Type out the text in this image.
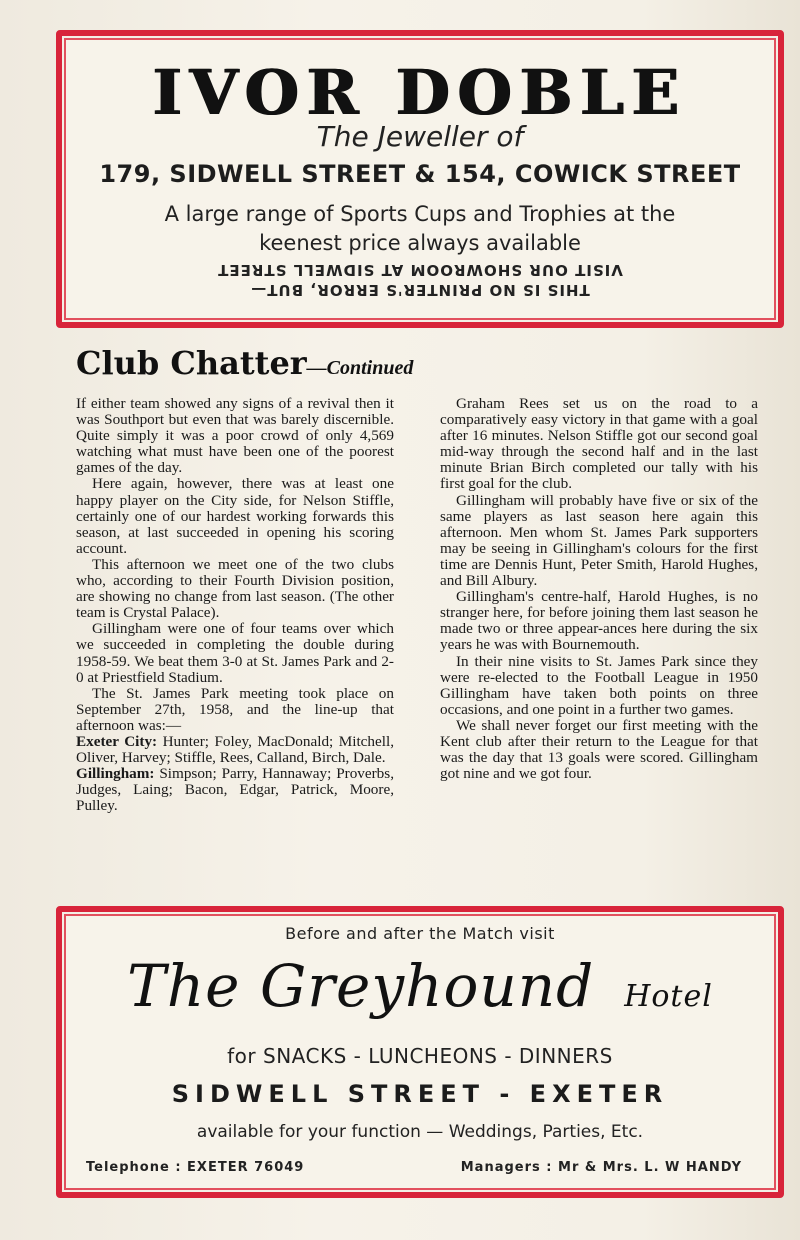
IVOR DOBLE
The Jeweller of
179, SIDWELL STREET & 154, COWICK STREET
A large range of Sports Cups and Trophies at the
keenest price always available
THIS IS NO PRINTER'S ERROR, BUT—
VISIT OUR SHOWROOM AT SIDWELL STREET
Club Chatter—Continued

If either team showed any signs of a revival then it was Southport but even that was barely discernible. Quite simply it was a poor crowd of only 4,569 watching what must have been one of the poorest games of the day.

Here again, however, there was at least one happy player on the City side, for Nelson Stiffle, certainly one of our hardest working forwards this season, at last succeeded in opening his scoring account.

This afternoon we meet one of the two clubs who, according to their Fourth Division position, are showing no change from last season. (The other team is Crystal Palace).

Gillingham were one of four teams over which we succeeded in completing the double during 1958-59. We beat them 3-0 at St. James Park and 2-0 at Priestfield Stadium.

The St. James Park meeting took place on September 27th, 1958, and the line-up that afternoon was:—

Exeter City: Hunter; Foley, MacDonald; Mitchell, Oliver, Harvey; Stiffle, Rees, Calland, Birch, Dale.

Gillingham: Simpson; Parry, Hannaway; Proverbs, Judges, Laing; Bacon, Edgar, Patrick, Moore, Pulley.

Graham Rees set us on the road to a comparatively easy victory in that game with a goal after 16 minutes. Nelson Stiffle got our second goal mid-way through the second half and in the last minute Brian Birch completed our tally with his first goal for the club.

Gillingham will probably have five or six of the same players as last season here again this afternoon. Men whom St. James Park supporters may be seeing in Gillingham's colours for the first time are Dennis Hunt, Peter Smith, Harold Hughes, and Bill Albury.

Gillingham's centre-half, Harold Hughes, is no stranger here, for before joining them last season he made two or three appear-ances here during the six years he was with Bournemouth.

In their nine visits to St. James Park since they were re-elected to the Football League in 1950 Gillingham have taken both points on three occasions, and one point in a further two games.

We shall never forget our first meeting with the Kent club after their return to the League for that was the day that 13 goals were scored. Gillingham got nine and we got four.

Before and after the Match visit
The Greyhound Hotel
for SNACKS - LUNCHEONS - DINNERS
SIDWELL STREET - EXETER
available for your function — Weddings, Parties, Etc.
Telephone : EXETER 76049	Managers : Mr & Mrs. L. W HANDY
